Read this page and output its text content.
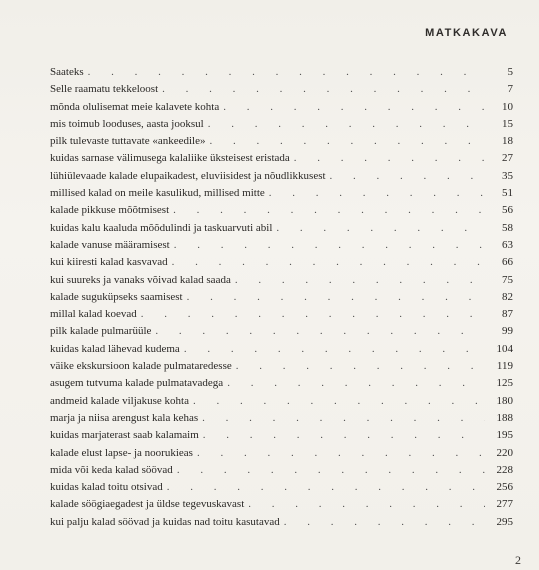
MATKAKAVA
Saateks . . .	5
Selle raamatu tekkeloost . . .	7
mõnda olulisemat meie kalavete kohta . . .	10
mis toimub looduses, aasta jooksul . . .	15
pilk tulevaste tuttavate «ankeedile» . . .	18
kuidas sarnase välimusega kalaliike üksteisest eristada . . .	27
lühiülevaade kalade elupaikadest, eluviisidest ja nõudlikkusest . . .	35
millised kalad on meile kasulikud, millised mitte . . .	51
kalade pikkuse mõõtmisest . . .	56
kuidas kalu kaaluda mõõdulindi ja taskuarvuti abil . . .	58
kalade vanuse määramisest . . .	63
kui kiiresti kalad kasvavad . . .	66
kui suureks ja vanaks võivad kalad saada . . .	75
kalade suguküpseks saamisest . . .	82
millal kalad koevad . . .	87
pilk kalade pulmarüüle . . .	99
kuidas kalad lähevad kudema . . .	104
väike ekskursioon kalade pulmataredesse . . .	119
asugem tutvuma kalade pulmatavadega . . .	125
andmeid kalade viljakuse kohta . . .	180
marja ja niisa arengust kala kehas . . .	188
kuidas marjaterast saab kalamaim . . .	195
kalade elust lapse- ja noorukieas . . .	220
mida või keda kalad söövad . . .	228
kuidas kalad toitu otsivad . . .	256
kalade söögiaegadest ja üldse tegevuskavast . . .	277
kui palju kalad söövad ja kuidas nad toitu kasutavad . . .	295
2
